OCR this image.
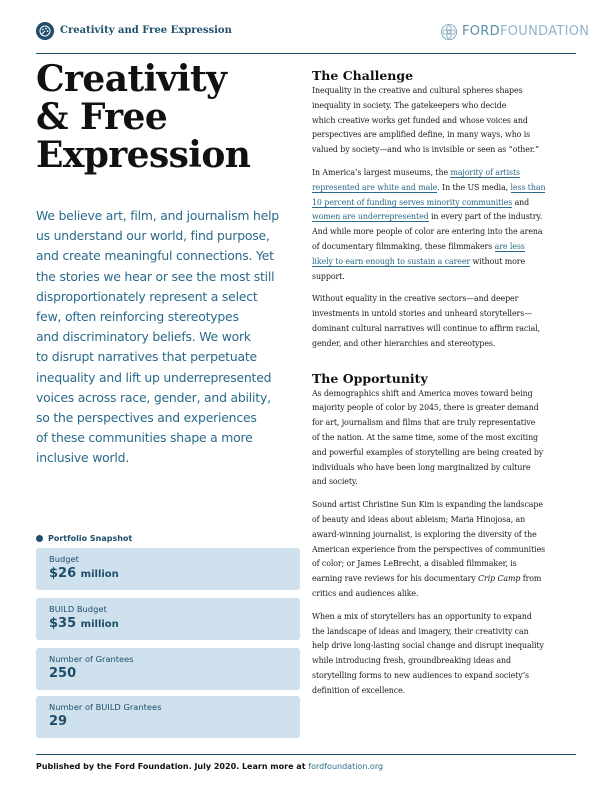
Creativity and Free Expression	FORDFOUNDATION
Creativity
& Free
Expression
We believe art, film, and journalism help
us understand our world, find purpose,
and create meaningful connections. Yet
the stories we hear or see the most still
disproportionately represent a select
few, often reinforcing stereotypes
and discriminatory beliefs. We work
to disrupt narratives that perpetuate
inequality and lift up underrepresented
voices across race, gender, and ability,
so the perspectives and experiences
of these communities shape a more
inclusive world.
Portfolio Snapshot
Budget
$26 million
BUILD Budget
$35 million
Number of Grantees
250
Number of BUILD Grantees
29
The Challenge

Inequality in the creative and cultural spheres shapes
inequality in society. The gatekeepers who decide
which creative works get funded and whose voices and
perspectives are amplified define, in many ways, who is
valued by society—and who is invisible or seen as “other.”

In America’s largest museums, the majority of artists
represented are white and male. In the US media, less than
10 percent of funding serves minority communities and
women are underrepresented in every part of the industry.
And while more people of color are entering into the arena
of documentary filmmaking, these filmmakers are less
likely to earn enough to sustain a career without more
support.

Without equality in the creative sectors—and deeper
investments in untold stories and unheard storytellers—
dominant cultural narratives will continue to affirm racial,
gender, and other hierarchies and stereotypes.

The Opportunity

As demographics shift and America moves toward being
majority people of color by 2045, there is greater demand
for art, journalism and films that are truly representative
of the nation. At the same time, some of the most exciting
and powerful examples of storytelling are being created by
individuals who have been long marginalized by culture
and society.

Sound artist Christine Sun Kim is expanding the landscape
of beauty and ideas about ableism; Maria Hinojosa, an
award-winning journalist, is exploring the diversity of the
American experience from the perspectives of communities
of color; or James LeBrecht, a disabled filmmaker, is
earning rave reviews for his documentary Crip Camp from
critics and audiences alike.

When a mix of storytellers has an opportunity to expand
the landscape of ideas and imagery, their creativity can
help drive long-lasting social change and disrupt inequality
while introducing fresh, groundbreaking ideas and
storytelling forms to new audiences to expand society’s
definition of excellence.

Published by the Ford Foundation. July 2020. Learn more at fordfoundation.org
